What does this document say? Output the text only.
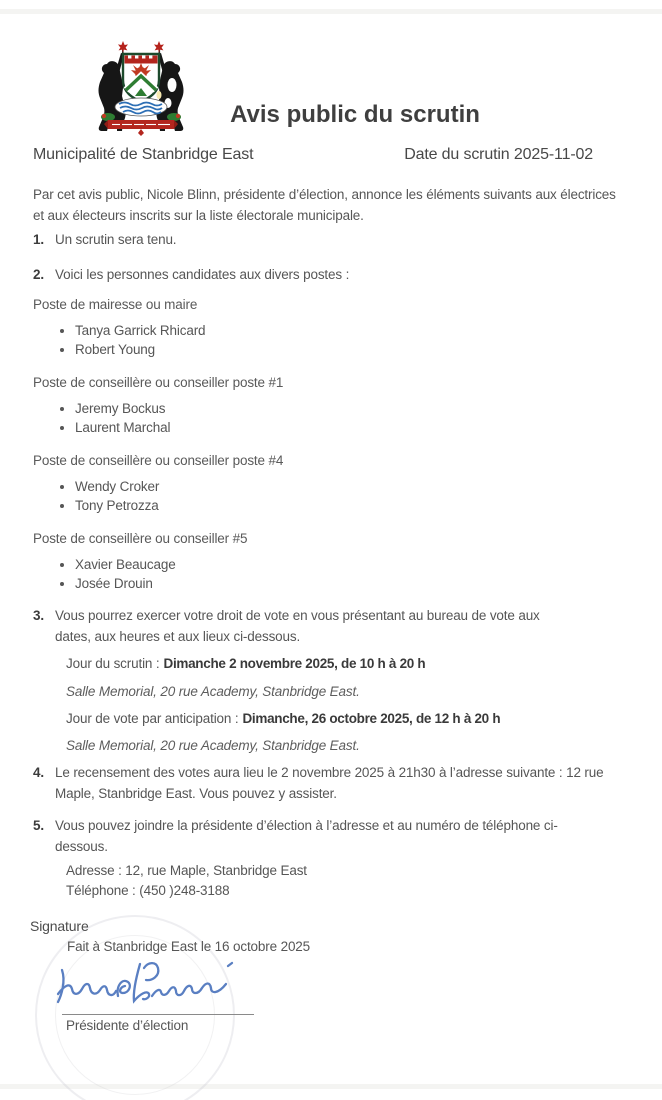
Avis public du scrutin
Municipalité de Stanbridge East	Date du scrutin 2025-11-02

Par cet avis public, Nicole Blinn, présidente d’élection, annonce les éléments suivants aux électrices et aux électeurs inscrits sur la liste électorale municipale.

1. Un scrutin sera tenu.
2. Voici les personnes candidates aux divers postes :
Poste de mairesse ou maire
• Tanya Garrick Rhicard
• Robert Young
Poste de conseillère ou conseiller poste #1
• Jeremy Bockus
• Laurent Marchal
Poste de conseillère ou conseiller poste #4
• Wendy Croker
• Tony Petrozza
Poste de conseillère ou conseiller #5
• Xavier Beaucage
• Josée Drouin
3. Vous pourrez exercer votre droit de vote en vous présentant au bureau de vote aux dates, aux heures et aux lieux ci-dessous.
Jour du scrutin : Dimanche 2 novembre 2025, de 10 h à 20 h
Salle Memorial, 20 rue Academy, Stanbridge East.
Jour de vote par anticipation : Dimanche, 26 octobre 2025, de 12 h à 20 h
Salle Memorial, 20 rue Academy, Stanbridge East.
4. Le recensement des votes aura lieu le 2 novembre 2025 à 21h30 à l’adresse suivante : 12 rue Maple, Stanbridge East. Vous pouvez y assister.
5. Vous pouvez joindre la présidente d’élection à l’adresse et au numéro de téléphone ci-dessous.
Adresse : 12, rue Maple, Stanbridge East
Téléphone : (450 )248-3188
Signature
Fait à Stanbridge East le 16 octobre 2025
Présidente d’élection
